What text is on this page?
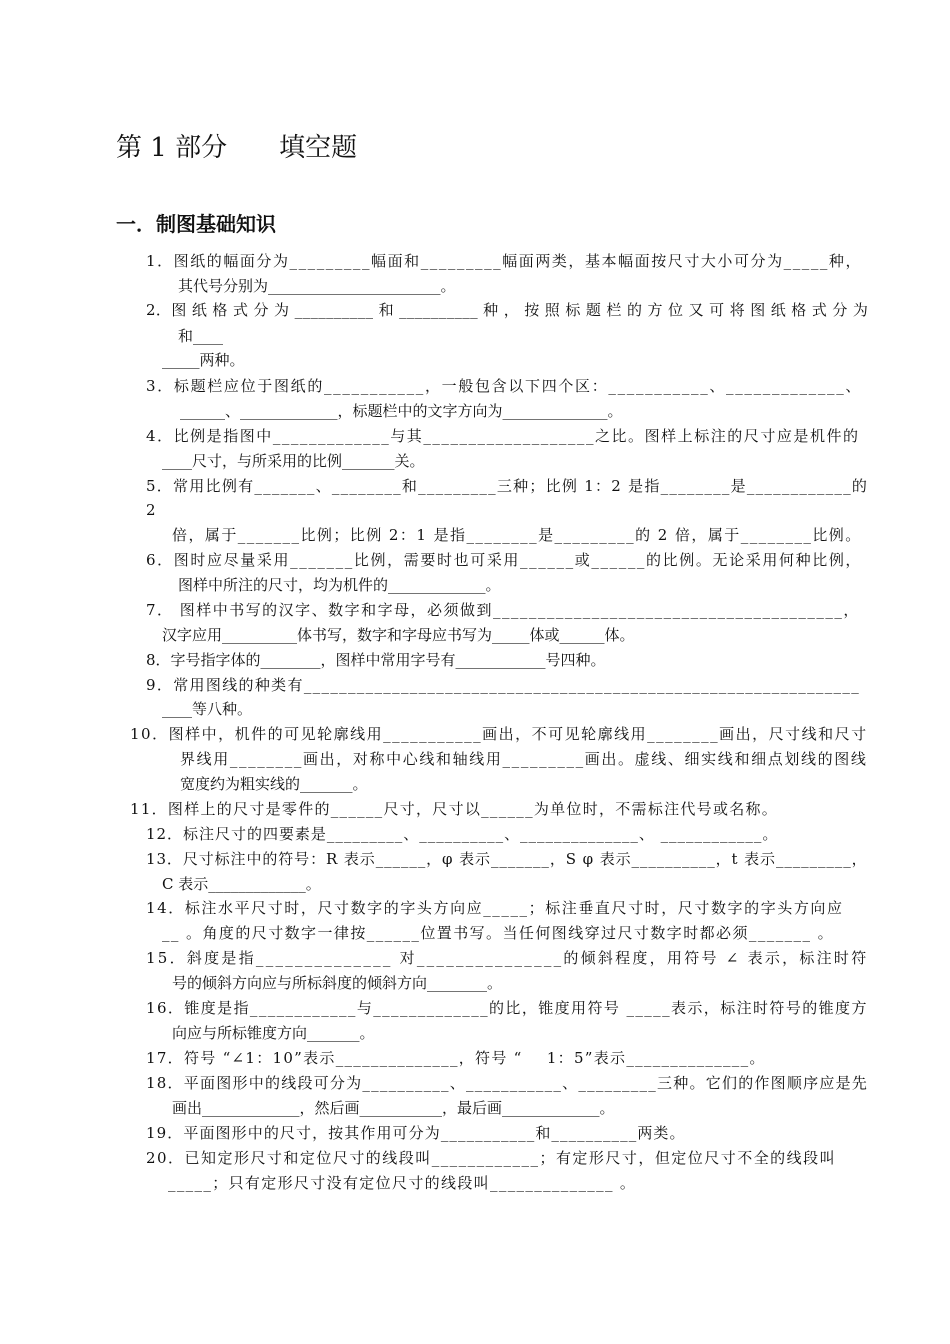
第 1 部分 填空题
一．制图基础知识
1．图纸的幅面分为_________幅面和_________幅面两类，基本幅面按尺寸大小可分为_____种，
其代号分别为_______________________。
2．图 纸 格 式 分 为 __________ 和 __________ 种 ， 按 照 标 题 栏 的 方 位 又 可 将 图 纸 格 式 分 为
和____
_____两种。
3．标题栏应位于图纸的___________，一般包含以下四个区：___________、_____________、
______、_____________，标题栏中的文字方向为______________。
4．比例是指图中_____________与其___________________之比。图样上标注的尺寸应是机件的
____尺寸，与所采用的比例_______关。
5．常用比例有_______、________和_________三种；比例 1：2 是指________是____________的
2
倍，属于_______比例；比例 2：1 是指________是_________的 2 倍，属于________比例。
6．图时应尽量采用_______比例，需要时也可采用______或______的比例。无论采用何种比例，
图样中所注的尺寸，均为机件的_____________。
7． 图样中书写的汉字、数字和字母，必须做到_______________________________________，
汉字应用__________体书写，数字和字母应书写为_____体或______体。
8．字号指字体的________，图样中常用字号有____________号四种。
9．常用图线的种类有_______________________________________________________________
____等八种。
10．图样中，机件的可见轮廓线用___________画出，不可见轮廓线用________画出，尺寸线和尺寸
界线用________画出，对称中心线和轴线用_________画出。虚线、细实线和细点划线的图线
宽度约为粗实线的_______。
11．图样上的尺寸是零件的______尺寸，尺寸以______为单位时，不需标注代号或名称。
12．标注尺寸的四要素是_________、__________、______________、 ____________。
13．尺寸标注中的符号：R 表示______，φ 表示_______，S φ 表示__________，t 表示_________，
C 表示_____________。
14．标注水平尺寸时，尺寸数字的字头方向应_____；标注垂直尺寸时，尺寸数字的字头方向应
__ 。角度的尺寸数字一律按______位置书写。当任何图线穿过尺寸数字时都必须_______ 。
15．斜度是指______________ 对_______________的倾斜程度，用符号 ∠ 表示，标注时符
号的倾斜方向应与所标斜度的倾斜方向________。
16．锥度是指____________与_____________的比，锥度用符号 _____表示，标注时符号的锥度方
向应与所标锥度方向_______。
17．符号 “∠1：10”表示______________，符号 “    1：5”表示______________。
18．平面图形中的线段可分为__________、___________、_________三种。它们的作图顺序应是先
画出_____________，然后画___________，最后画_____________。
19．平面图形中的尺寸，按其作用可分为___________和__________两类。
20．已知定形尺寸和定位尺寸的线段叫____________；有定形尺寸，但定位尺寸不全的线段叫
_____；只有定形尺寸没有定位尺寸的线段叫______________ 。
